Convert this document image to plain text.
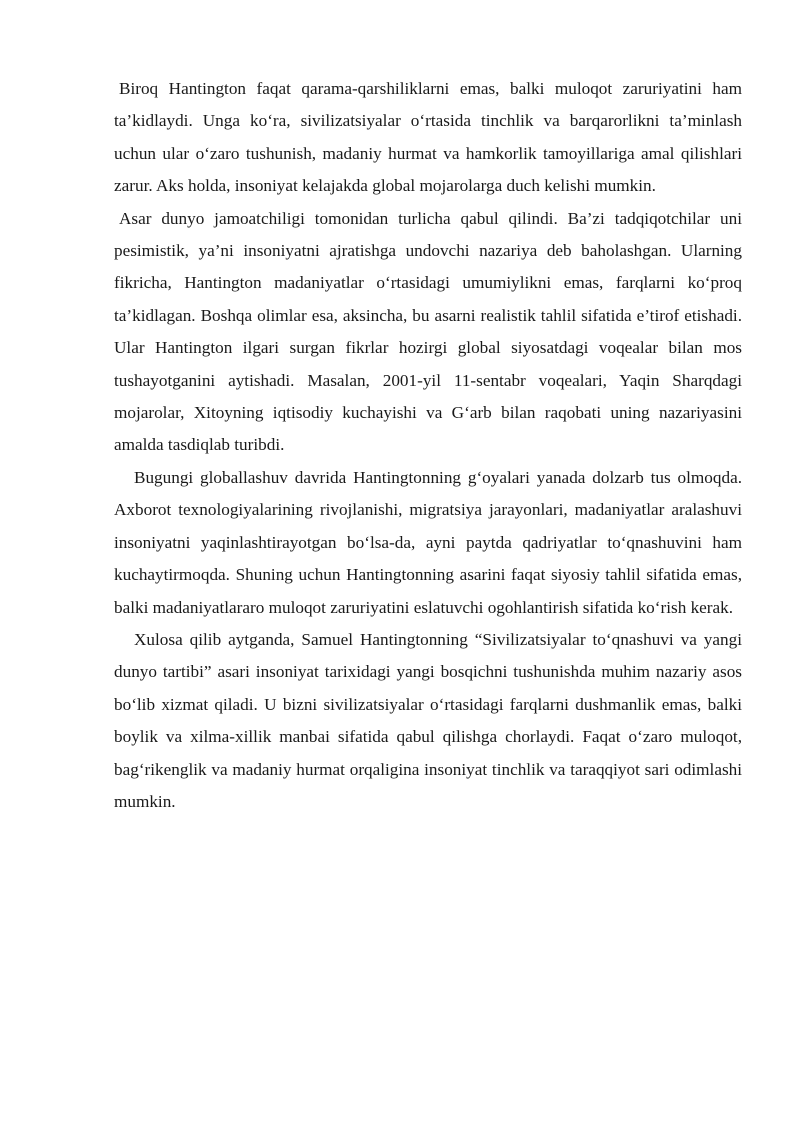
Biroq Hantington faqat qarama-qarshiliklarni emas, balki muloqot zaruriyatini ham ta’kidlaydi. Unga ko‘ra, sivilizatsiyalar o‘rtasida tinchlik va barqarorlikni ta’minlash uchun ular o‘zaro tushunish, madaniy hurmat va hamkorlik tamoyillariga amal qilishlari zarur. Aks holda, insoniyat kelajakda global mojarolarga duch kelishi mumkin.

Asar dunyo jamoatchiligi tomonidan turlicha qabul qilindi. Ba’zi tadqiqotchilar uni pesimistik, ya’ni insoniyatni ajratishga undovchi nazariya deb baholashgan. Ularning fikricha, Hantington madaniyatlar o‘rtasidagi umumiylikni emas, farqlarni ko‘proq ta’kidlagan. Boshqa olimlar esa, aksincha, bu asarni realistik tahlil sifatida e’tirof etishadi. Ular Hantington ilgari surgan fikrlar hozirgi global siyosatdagi voqealar bilan mos tushayotganini aytishadi. Masalan, 2001-yil 11-sentabr voqealari, Yaqin Sharqdagi mojarolar, Xitoyning iqtisodiy kuchayishi va G‘arb bilan raqobati uning nazariyasini amalda tasdiqlab turibdi.

Bugungi globallashuv davrida Hantingtonning g‘oyalari yanada dolzarb tus olmoqda. Axborot texnologiyalarining rivojlanishi, migratsiya jarayonlari, madaniyatlar aralashuvi insoniyatni yaqinlashtirayotgan bo‘lsa-da, ayni paytda qadriyatlar to‘qnashuvini ham kuchaytirmoqda. Shuning uchun Hantingtonning asarini faqat siyosiy tahlil sifatida emas, balki madaniyatlararo muloqot zaruriyatini eslatuvchi ogohlantirish sifatida ko‘rish kerak.

Xulosa qilib aytganda, Samuel Hantingtonning “Sivilizatsiyalar to‘qnashuvi va yangi dunyo tartibi” asari insoniyat tarixidagi yangi bosqichni tushunishda muhim nazariy asos bo‘lib xizmat qiladi. U bizni sivilizatsiyalar o‘rtasidagi farqlarni dushmanlik emas, balki boylik va xilma-xillik manbai sifatida qabul qilishga chorlaydi. Faqat o‘zaro muloqot, bag‘rikenglik va madaniy hurmat orqaligina insoniyat tinchlik va taraqqiyot sari odimlashi mumkin.
